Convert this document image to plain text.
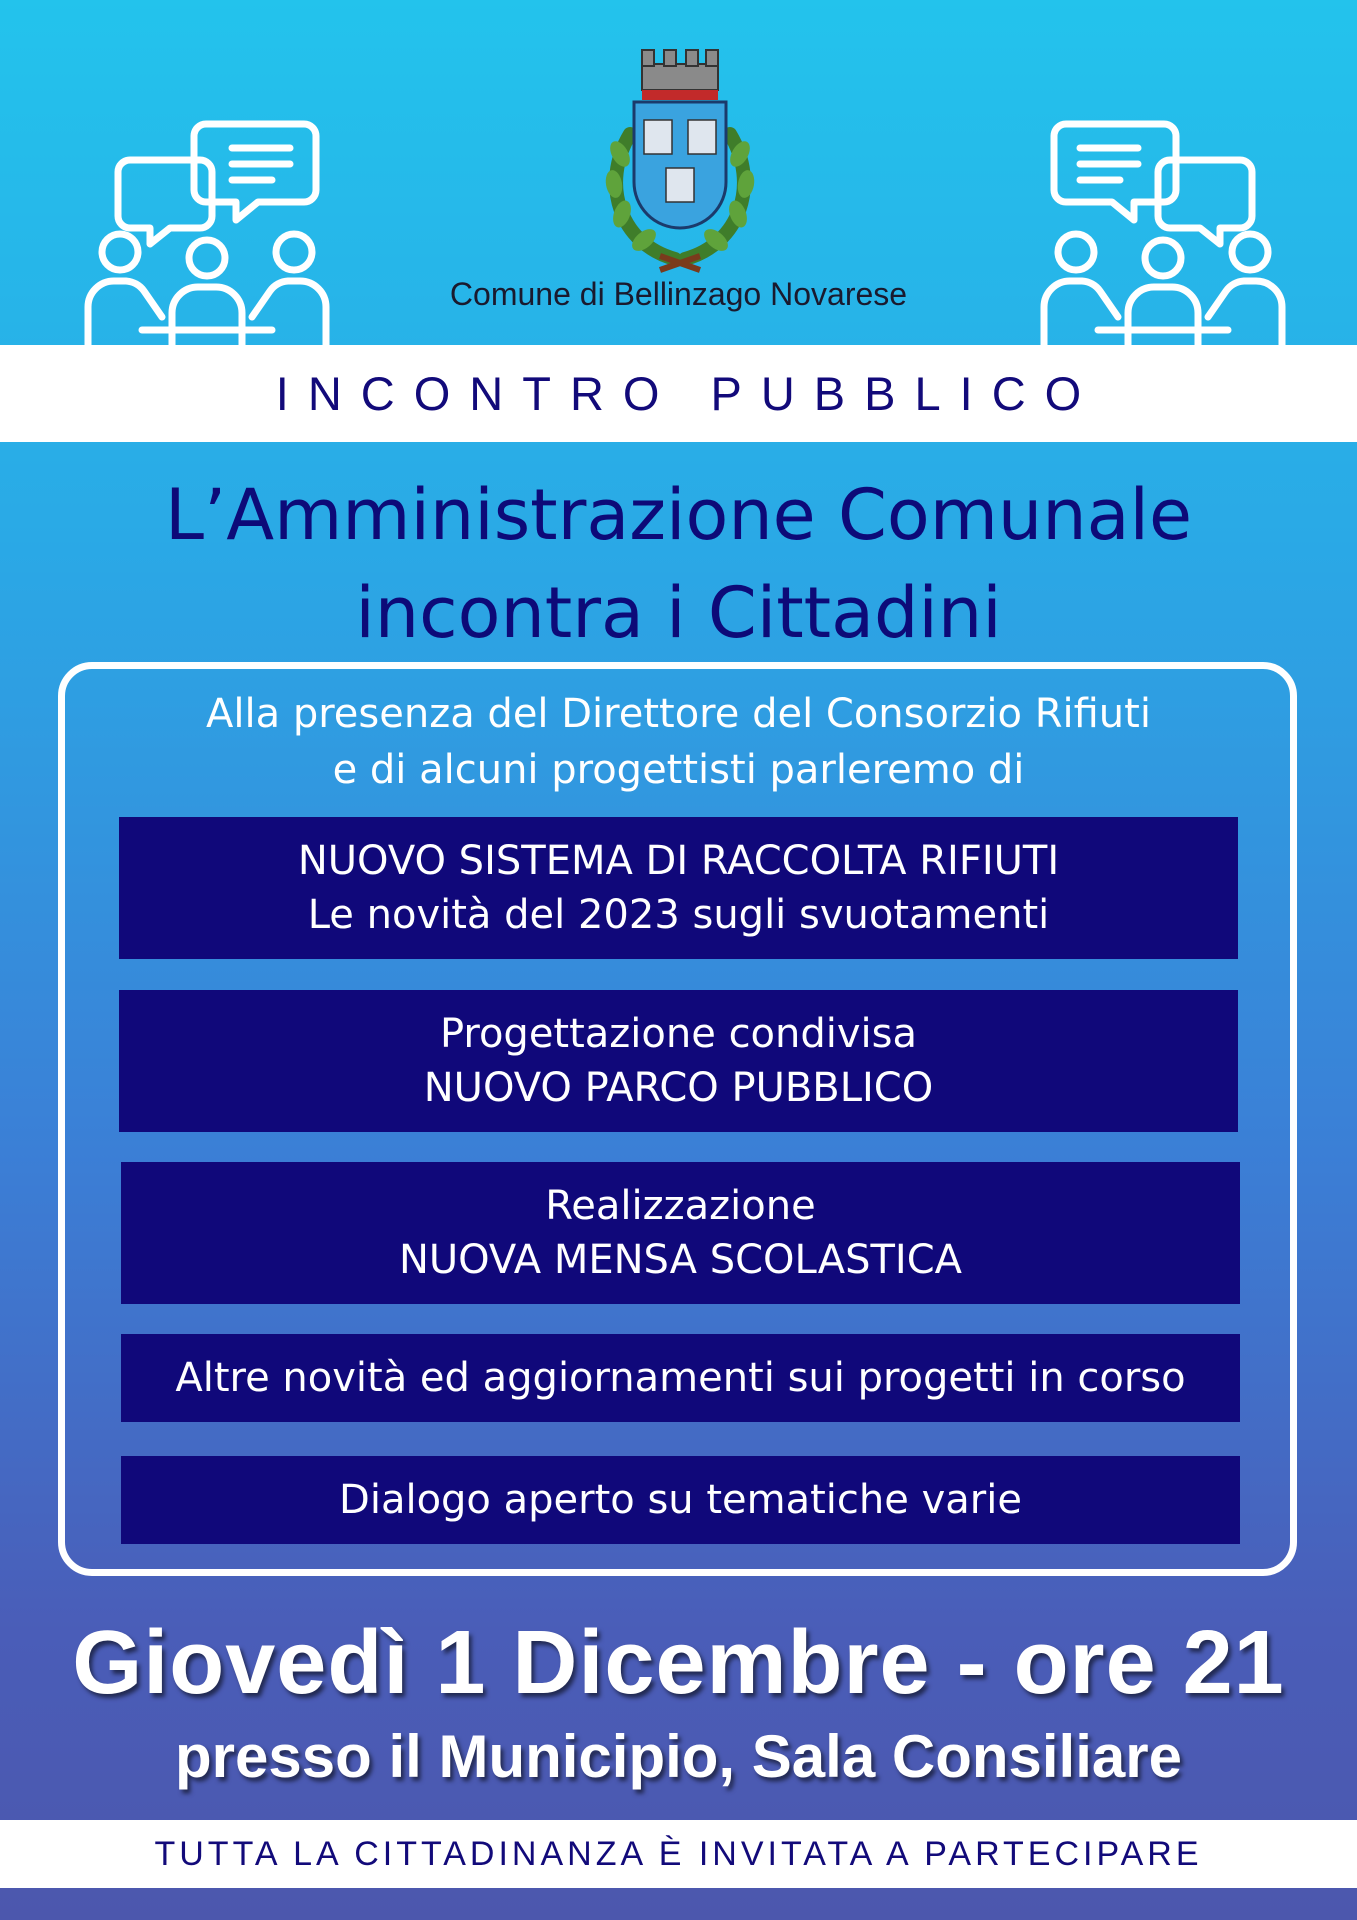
Comune di Bellinzago Novarese
INCONTRO PUBBLICO
L’Amministrazione Comunale
incontra i Cittadini
Alla presenza del Direttore del Consorzio Rifiuti
e di alcuni progettisti parleremo di
NUOVO SISTEMA DI RACCOLTA RIFIUTI
Le novità del 2023 sugli svuotamenti
Progettazione condivisa
NUOVO PARCO PUBBLICO
Realizzazione
NUOVA MENSA SCOLASTICA
Altre novità ed aggiornamenti sui progetti in corso
Dialogo aperto su tematiche varie
Giovedì 1 Dicembre - ore 21
presso il Municipio, Sala Consiliare
TUTTA LA CITTADINANZA È INVITATA A PARTECIPARE
